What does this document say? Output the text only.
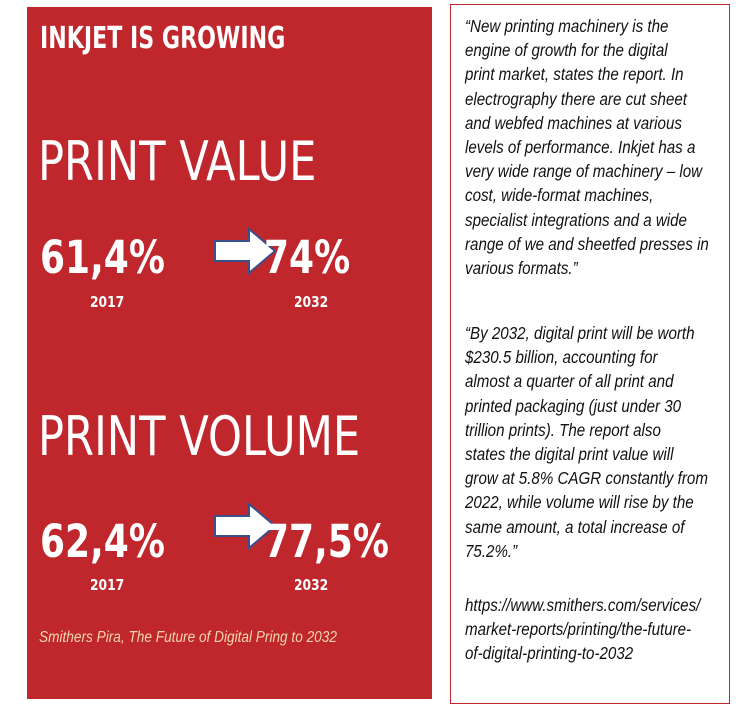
INKJET IS GROWING
PRINT VALUE
61,4% 74%
2017	2032
PRINT VOLUME
62,4% 77,5%
2017	2032
Smithers Pira, The Future of Digital Pring to 2032

“New printing machinery is the
engine of growth for the digital
print market, states the report. In
electrography there are cut sheet
and webfed machines at various
levels of performance. Inkjet has a
very wide range of machinery – low
cost, wide-format machines,
specialist integrations and a wide
range of we and sheetfed presses in
various formats.”

“By 2032, digital print will be worth
$230.5 billion, accounting for
almost a quarter of all print and
printed packaging (just under 30
trillion prints). The report also
states the digital print value will
grow at 5.8% CAGR constantly from
2022, while volume will rise by the
same amount, a total increase of
75.2%.”

https://www.smithers.com/services/
market-reports/printing/the-future-
of-digital-printing-to-2032
